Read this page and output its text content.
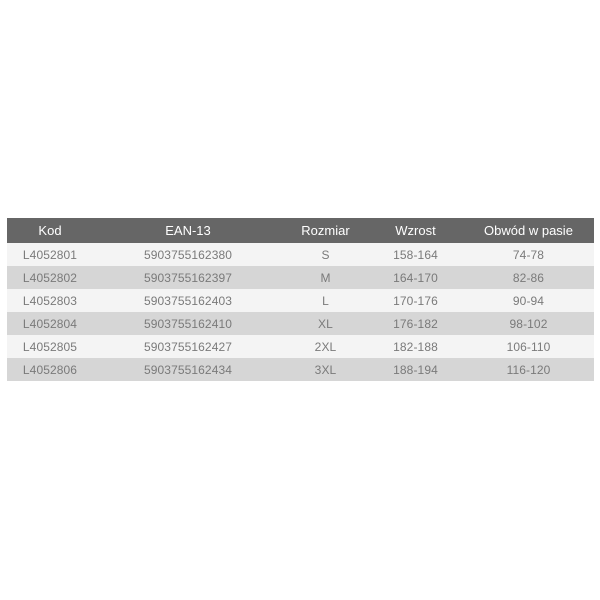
Kod	EAN-13	Rozmiar	Wzrost	Obwód w pasie
L4052801	5903755162380	S	158-164	74-78
L4052802	5903755162397	M	164-170	82-86
L4052803	5903755162403	L	170-176	90-94
L4052804	5903755162410	XL	176-182	98-102
L4052805	5903755162427	2XL	182-188	106-110
L4052806	5903755162434	3XL	188-194	116-120
